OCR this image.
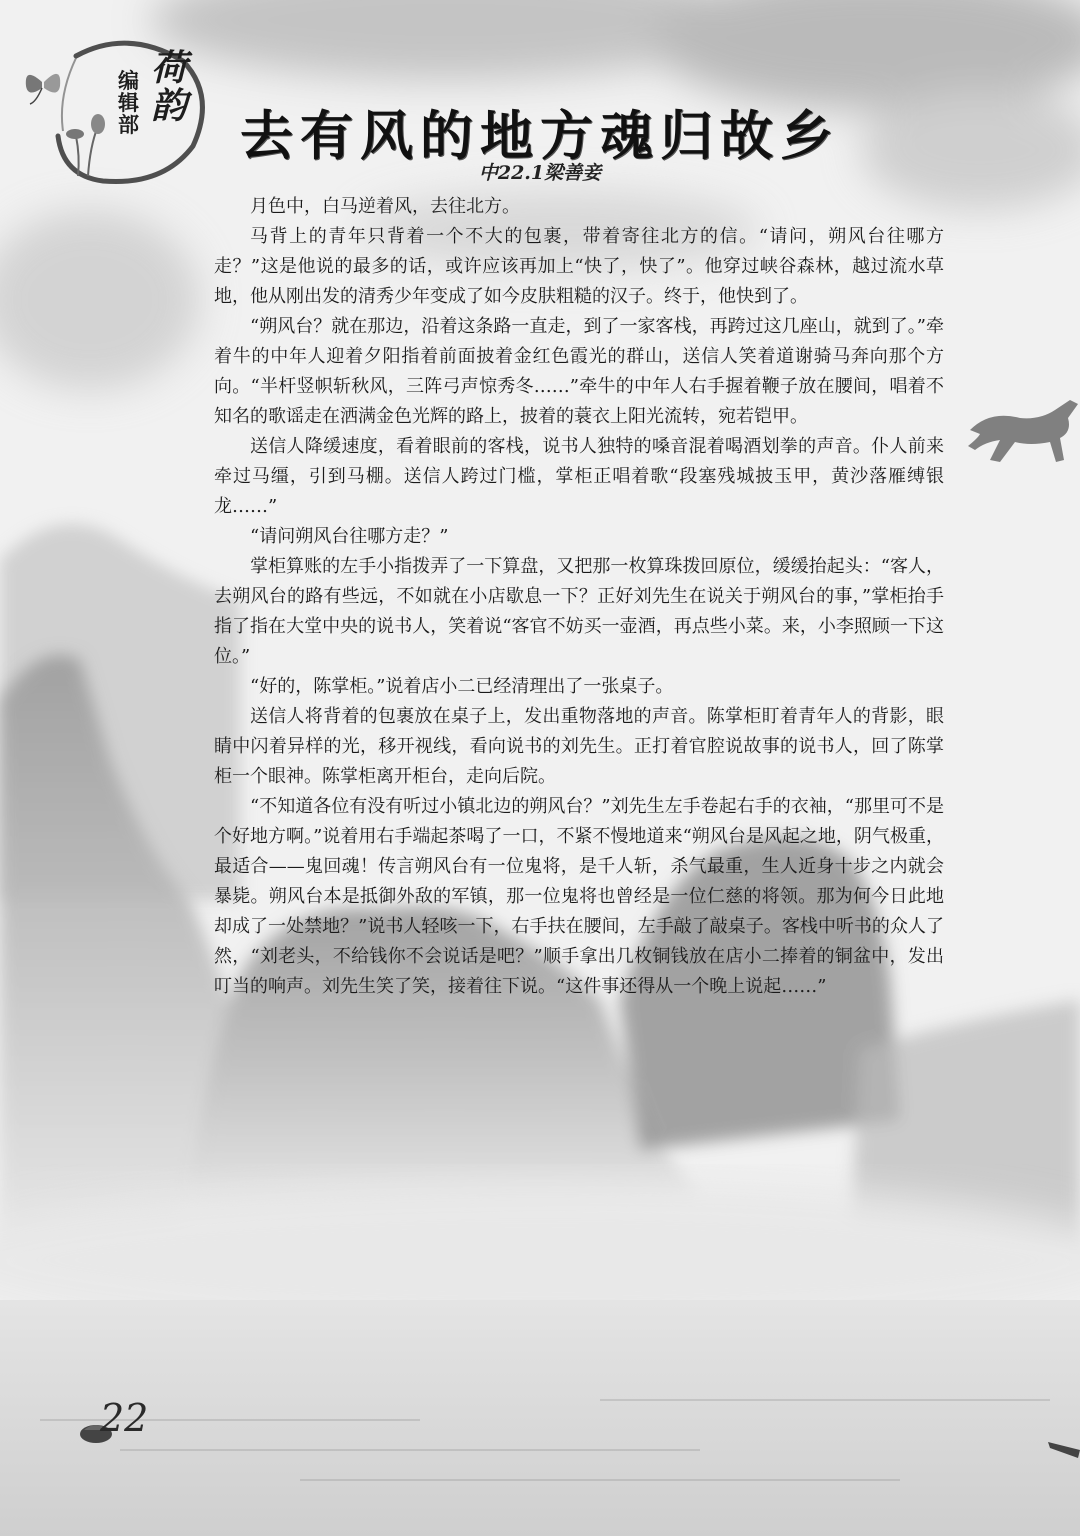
编辑部
荷韵 去有风的地方魂归故乡
中22.1梁善妾

月色中，白马逆着风，去往北方。

马背上的青年只背着一个不大的包裹，带着寄往北方的信。“请问，朔风台往哪方走？”这是他说的最多的话，或许应该再加上“快了，快了”。他穿过峡谷森林，越过流水草地，他从刚出发的清秀少年变成了如今皮肤粗糙的汉子。终于，他快到了。

“朔风台？就在那边，沿着这条路一直走，到了一家客栈，再跨过这几座山，就到了。”牵着牛的中年人迎着夕阳指着前面披着金红色霞光的群山，送信人笑着道谢骑马奔向那个方向。“半杆竖帜斩秋风，三阵弓声惊秀冬……”牵牛的中年人右手握着鞭子放在腰间，唱着不知名的歌谣走在洒满金色光辉的路上，披着的蓑衣上阳光流转，宛若铠甲。

送信人降缓速度，看着眼前的客栈，说书人独特的嗓音混着喝酒划拳的声音。仆人前来牵过马缰，引到马棚。送信人跨过门槛，掌柜正唱着歌“段塞残城披玉甲，黄沙落雁缚银龙……”

“请问朔风台往哪方走？”

掌柜算账的左手小指拨弄了一下算盘，又把那一枚算珠拨回原位，缓缓抬起头：“客人，去朔风台的路有些远，不如就在小店歇息一下？正好刘先生在说关于朔风台的事，”掌柜抬手指了指在大堂中央的说书人，笑着说“客官不妨买一壶酒，再点些小菜。来，小李照顾一下这位。”

“好的，陈掌柜。”说着店小二已经清理出了一张桌子。

送信人将背着的包裹放在桌子上，发出重物落地的声音。陈掌柜盯着青年人的背影，眼睛中闪着异样的光，移开视线，看向说书的刘先生。正打着官腔说故事的说书人，回了陈掌柜一个眼神。陈掌柜离开柜台，走向后院。

“不知道各位有没有听过小镇北边的朔风台？”刘先生左手卷起右手的衣袖，“那里可不是个好地方啊。”说着用右手端起茶喝了一口，不紧不慢地道来“朔风台是风起之地，阴气极重，最适合——鬼回魂！传言朔风台有一位鬼将，是千人斩，杀气最重，生人近身十步之内就会暴毙。朔风台本是抵御外敌的军镇，那一位鬼将也曾经是一位仁慈的将领。那为何今日此地却成了一处禁地？”说书人轻咳一下，右手扶在腰间，左手敲了敲桌子。客栈中听书的众人了然，“刘老头，不给钱你不会说话是吧？”顺手拿出几枚铜钱放在店小二捧着的铜盆中，发出叮当的响声。刘先生笑了笑，接着往下说。“这件事还得从一个晚上说起……”

22
